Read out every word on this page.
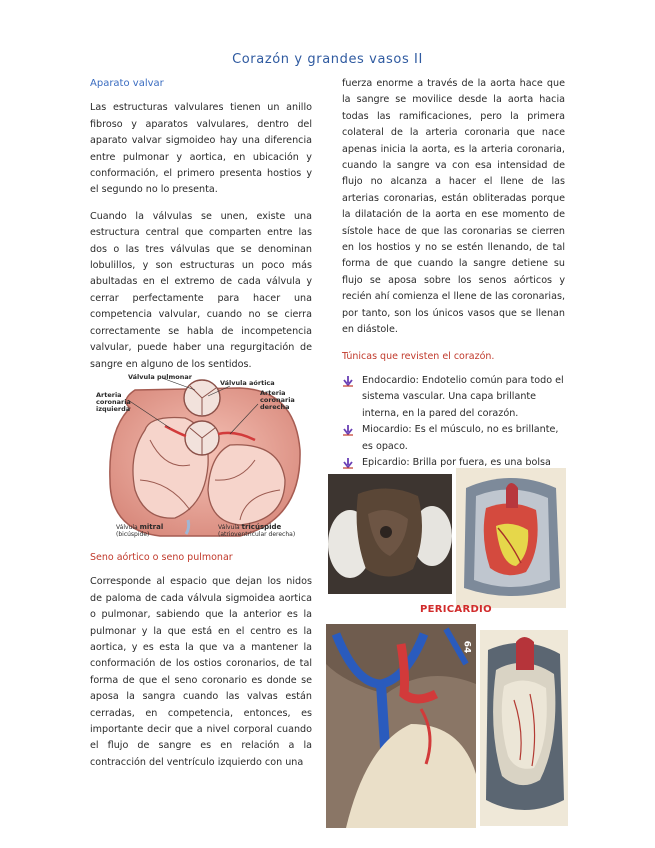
Corazón y grandes vasos II
Aparato valvar

Las estructuras valvulares tienen un anillo fibroso y aparatos valvulares, dentro del aparato valvar sigmoideo hay una diferencia entre pulmonar y aortica, en ubicación y conformación, el primero presenta hostios y el segundo no lo presenta.

Cuando la válvulas se unen, existe una estructura central que comparten entre las dos o las tres válvulas que se denominan lobulillos, y son estructuras un poco más abultadas en el extremo de cada válvula y cerrar perfectamente para hacer una competencia valvular, cuando no se cierra correctamente se habla de incompetencia valvular, puede haber una regurgitación de sangre en alguno de los sentidos.

Válvula pulmonar
Válvula aórtica
Arteria coronaria izquierda
Arteria coronaria derecha
Válvula mitral
(bicúspide)
Válvula tricúspide
(atrioventricular derecha)
Seno aórtico o seno pulmonar

Corresponde al espacio que dejan los nidos de paloma de cada válvula sigmoidea aortica o pulmonar, sabiendo que la anterior es la pulmonar y la que está en el centro es la aortica, y es esta la que va a mantener la conformación de los ostios coronarios, de tal forma de que el seno coronario es donde se aposa la sangra cuando las valvas están cerradas, en competencia, entonces, es importante decir que a nivel corporal cuando el flujo de sangre es en relación a la contracción del ventrículo izquierdo con una

fuerza enorme a través de la aorta hace que la sangre se movilice desde la aorta hacia todas las ramificaciones, pero la primera colateral de la arteria coronaria que nace apenas inicia la aorta, es la arteria coronaria, cuando la sangre va con esa intensidad de flujo no alcanza a hacer el llene de las arterias coronarias, están obliteradas porque la dilatación de la aorta en ese momento de sístole hace de que las coronarias se cierren en los hostios y no se estén llenando, de tal forma de que cuando la sangre detiene su flujo se aposa sobre los senos aórticos y recién ahí comienza el llene de las coronarias, por tanto, son los únicos vasos que se llenan en diástole.

Túnicas que revisten el corazón.
Endocardio: Endotelio común para todo el sistema vascular. Una capa brillante interna, en la pared del corazón.
Miocardio: Es el músculo, no es brillante, es opaco.
Epicardio: Brilla por fuera, es una bolsa
PERICARDIO
64
